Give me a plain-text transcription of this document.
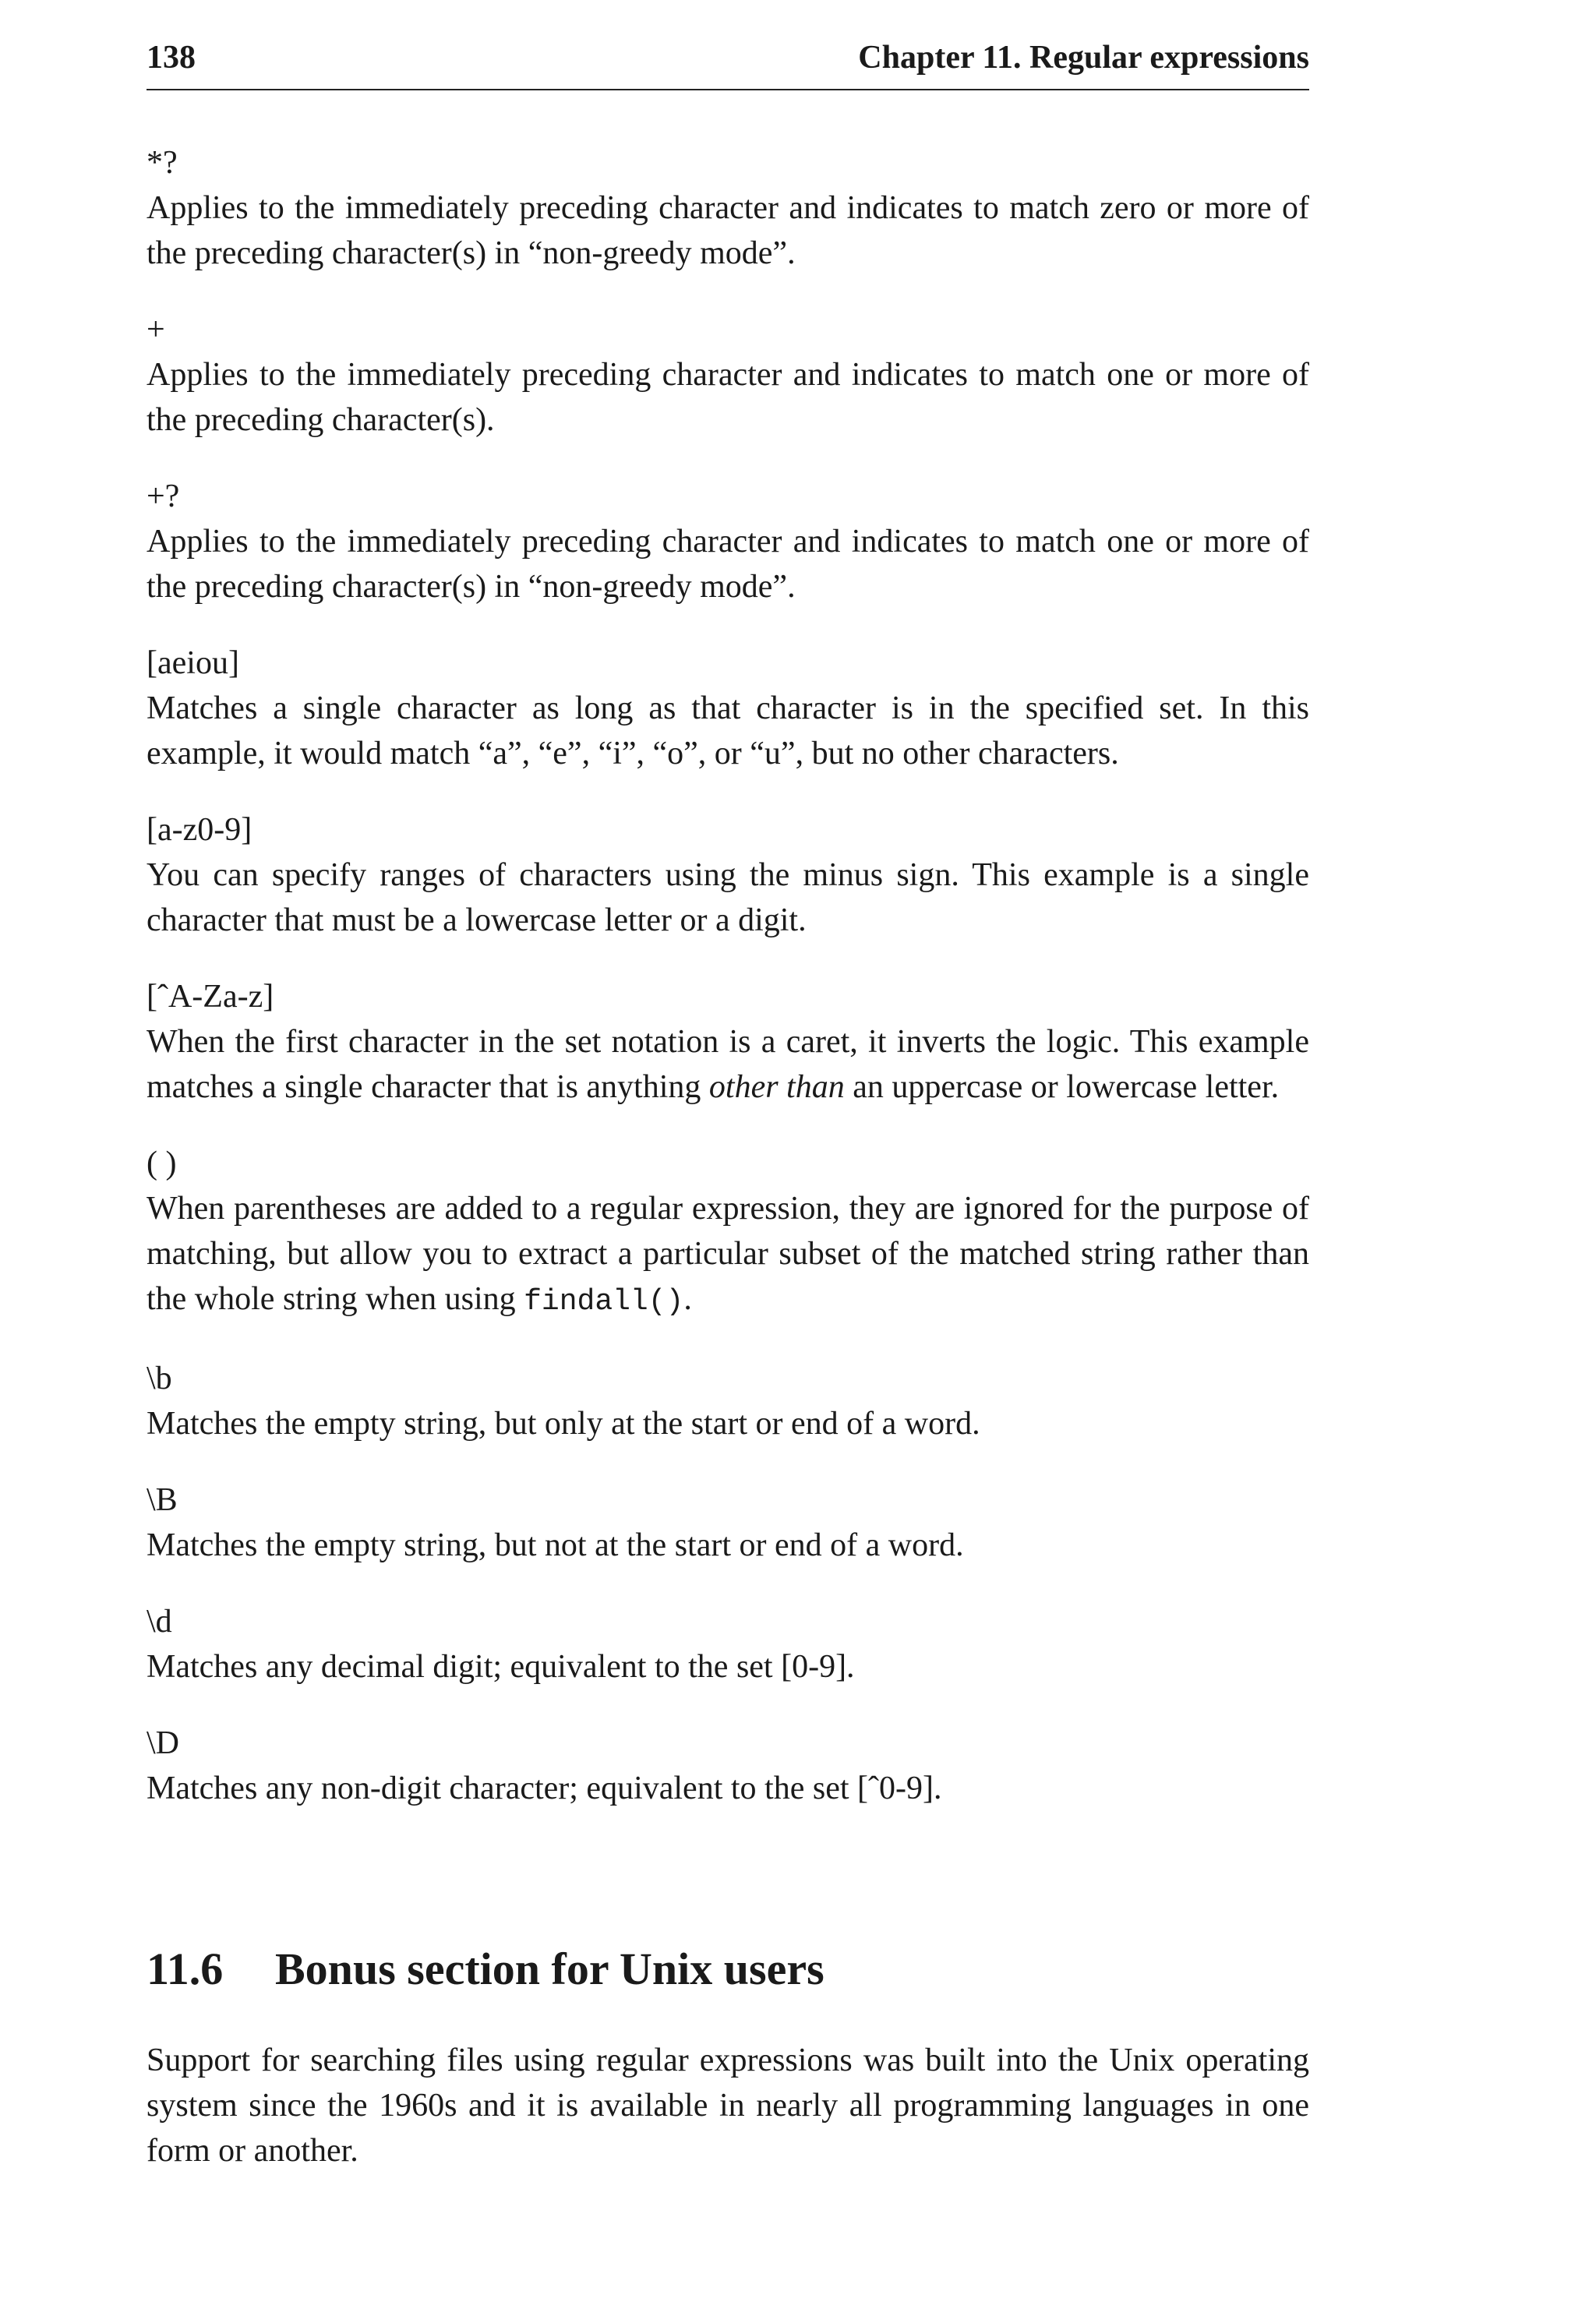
138	Chapter 11. Regular expressions
*?
Applies to the immediately preceding character and indicates to match zero or more of the preceding character(s) in “non-greedy mode”.
+
Applies to the immediately preceding character and indicates to match one or more of the preceding character(s).
+?
Applies to the immediately preceding character and indicates to match one or more of the preceding character(s) in “non-greedy mode”.
[aeiou]
Matches a single character as long as that character is in the specified set. In this example, it would match “a”, “e”, “i”, “o”, or “u”, but no other characters.
[a-z0-9]
You can specify ranges of characters using the minus sign. This example is a single character that must be a lowercase letter or a digit.
[ˆA-Za-z]
When the first character in the set notation is a caret, it inverts the logic. This example matches a single character that is anything other than an uppercase or lowercase letter.
( )
When parentheses are added to a regular expression, they are ignored for the purpose of matching, but allow you to extract a particular subset of the matched string rather than the whole string when using findall().
\b
Matches the empty string, but only at the start or end of a word.
\B
Matches the empty string, but not at the start or end of a word.
\d
Matches any decimal digit; equivalent to the set [0-9].
\D
Matches any non-digit character; equivalent to the set [ˆ0-9].
11.6 Bonus section for Unix users

Support for searching files using regular expressions was built into the Unix operating system since the 1960s and it is available in nearly all programming languages in one form or another.
